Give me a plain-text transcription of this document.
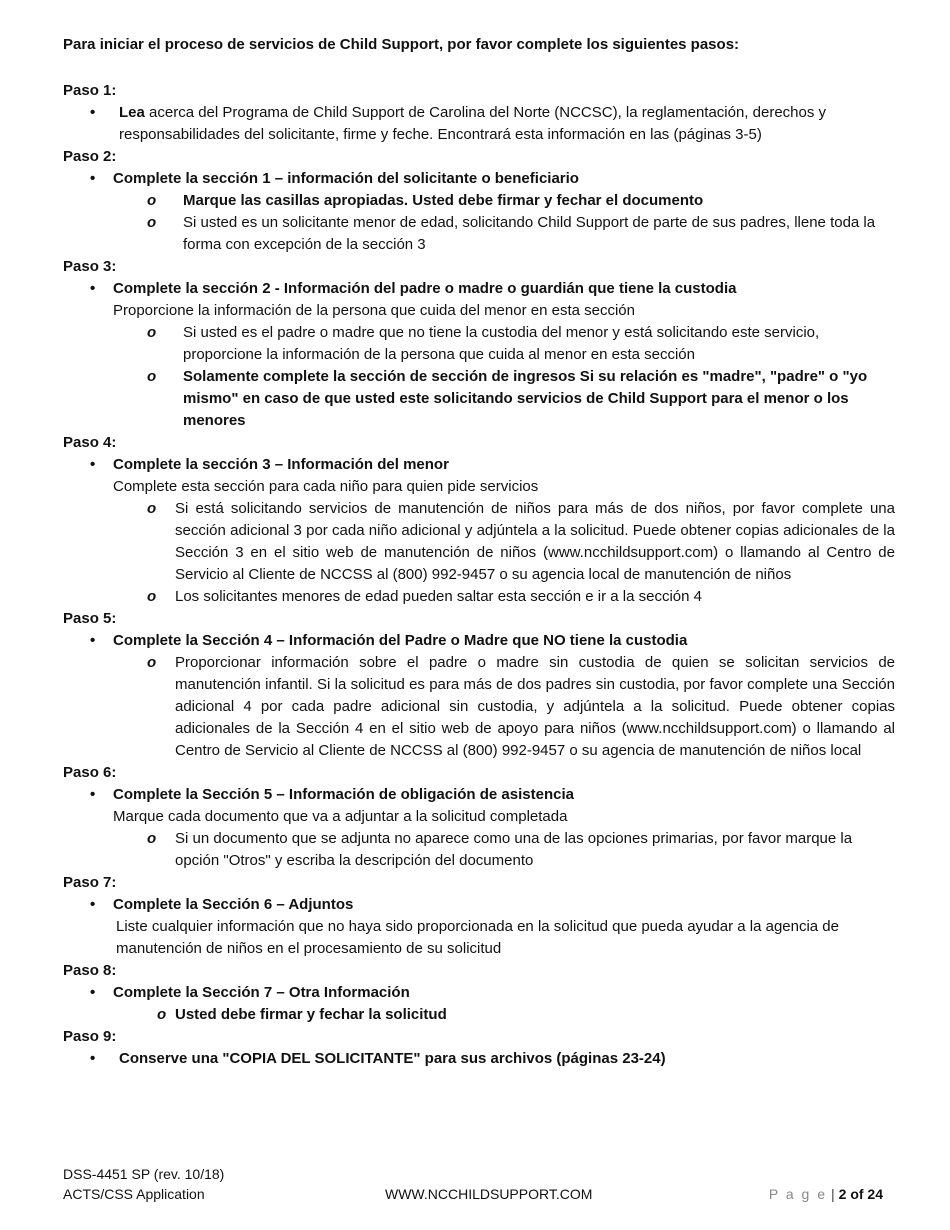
Para iniciar el proceso de servicios de Child Support, por favor complete los siguientes pasos:

Paso 1:

• Lea acerca del Programa de Child Support de Carolina del Norte (NCCSC), la reglamentación, derechos y responsabilidades del solicitante, firme y feche. Encontrará esta información en las (páginas 3-5)

Paso 2:

• Complete la sección 1 – información del solicitante o beneficiario
o Marque las casillas apropiadas. Usted debe firmar y fechar el documento
o Si usted es un solicitante menor de edad, solicitando Child Support de parte de sus padres, llene toda la forma con excepción de la sección 3

Paso 3:

• Complete la sección 2 - Información del padre o madre o guardián que tiene la custodia
Proporcione la información de la persona que cuida del menor en esta sección
o Si usted es el padre o madre que no tiene la custodia del menor y está solicitando este servicio, proporcione la información de la persona que cuida al menor en esta sección
o Solamente complete la sección de sección de ingresos Si su relación es "madre", "padre" o "yo mismo" en caso de que usted este solicitando servicios de Child Support para el menor o los menores

Paso 4:

• Complete la sección 3 – Información del menor
Complete esta sección para cada niño para quien pide servicios
o Si está solicitando servicios de manutención de niños para más de dos niños, por favor complete una sección adicional 3 por cada niño adicional y adjúntela a la solicitud. Puede obtener copias adicionales de la Sección 3 en el sitio web de manutención de niños (www.ncchildsupport.com) o llamando al Centro de Servicio al Cliente de NCCSS al (800) 992-9457 o su agencia local de manutención de niños
o Los solicitantes menores de edad pueden saltar esta sección e ir a la sección 4

Paso 5:

• Complete la Sección 4 – Información del Padre o Madre que NO tiene la custodia
o Proporcionar información sobre el padre o madre sin custodia de quien se solicitan servicios de manutención infantil. Si la solicitud es para más de dos padres sin custodia, por favor complete una Sección adicional 4 por cada padre adicional sin custodia, y adjúntela a la solicitud. Puede obtener copias adicionales de la Sección 4 en el sitio web de apoyo para niños (www.ncchildsupport.com) o llamando al Centro de Servicio al Cliente de NCCSS al (800) 992-9457 o su agencia de manutención de niños local

Paso 6:

• Complete la Sección 5 – Información de obligación de asistencia
Marque cada documento que va a adjuntar a la solicitud completada
o Si un documento que se adjunta no aparece como una de las opciones primarias, por favor marque la opción "Otros" y escriba la descripción del documento

Paso 7:

• Complete la Sección 6 – Adjuntos
Liste cualquier información que no haya sido proporcionada en la solicitud que pueda ayudar a la agencia de manutención de niños en el procesamiento de su solicitud

Paso 8:

• Complete la Sección 7 – Otra Información
o Usted debe firmar y fechar la solicitud

Paso 9:

• Conserve una "COPIA DEL SOLICITANTE" para sus archivos (páginas 23-24)
DSS-4451 SP (rev. 10/18)
ACTS/CSS Application	WWW.NCCHILDSUPPORT.COM	P a g e | 2 of 24
